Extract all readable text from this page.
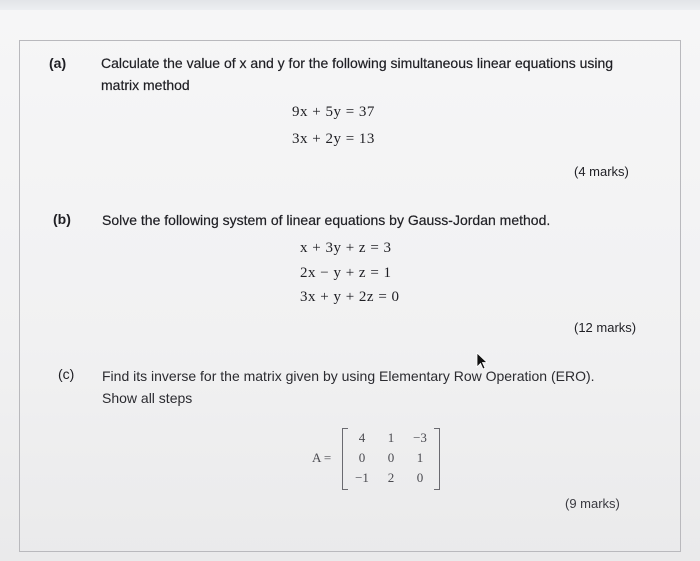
(a) Calculate the value of x and y for the following simultaneous linear equations using
matrix method
9x + 5y = 37
3x + 2y = 13
(4 marks)
(b) Solve the following system of linear equations by Gauss-Jordan method.
x + 3y + z = 3
2x − y + z = 1
3x + y + 2z = 0
(12 marks)
(c) Find its inverse for the matrix given by using Elementary Row Operation (ERO).
Show all steps
A =
4	1	−3
0	0	1
−1	2	0
(9 marks)
